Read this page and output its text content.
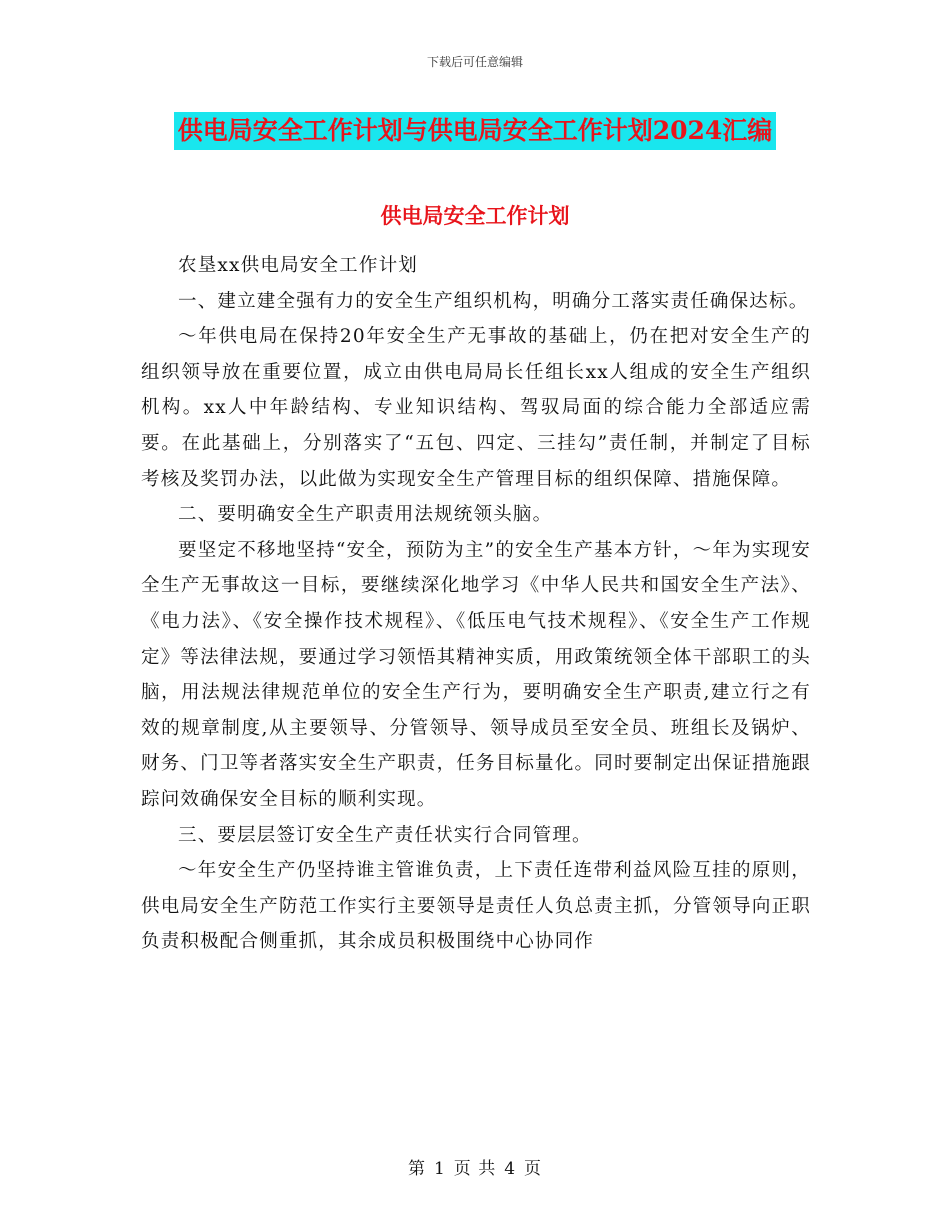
下载后可任意编辑
供电局安全工作计划与供电局安全工作计划2024汇编
供电局安全工作计划

农垦xx供电局安全工作计划

一、建立建全强有力的安全生产组织机构，明确分工落实责任确保达标。

～年供电局在保持20年安全生产无事故的基础上，仍在把对安全生产的组织领导放在重要位置，成立由供电局局长任组长xx人组成的安全生产组织机构。xx人中年龄结构、专业知识结构、驾驭局面的综合能力全部适应需要。在此基础上，分别落实了“五包、四定、三挂勾”责任制，并制定了目标考核及奖罚办法，以此做为实现安全生产管理目标的组织保障、措施保障。

二、要明确安全生产职责用法规统领头脑。

要坚定不移地坚持“安全，预防为主”的安全生产基本方针，～年为实现安全生产无事故这一目标，要继续深化地学习《中华人民共和国安全生产法》、《电力法》、《安全操作技术规程》、《低压电气技术规程》、《安全生产工作规定》等法律法规，要通过学习领悟其精神实质，用政策统领全体干部职工的头脑，用法规法律规范单位的安全生产行为，要明确安全生产职责,建立行之有效的规章制度,从主要领导、分管领导、领导成员至安全员、班组长及锅炉、财务、门卫等者落实安全生产职责，任务目标量化。同时要制定出保证措施跟踪问效确保安全目标的顺利实现。

三、要层层签订安全生产责任状实行合同管理。

～年安全生产仍坚持谁主管谁负责，上下责任连带利益风险互挂的原则，供电局安全生产防范工作实行主要领导是责任人负总责主抓，分管领导向正职负责积极配合侧重抓，其余成员积极围绕中心协同作

第 1 页 共 4 页
